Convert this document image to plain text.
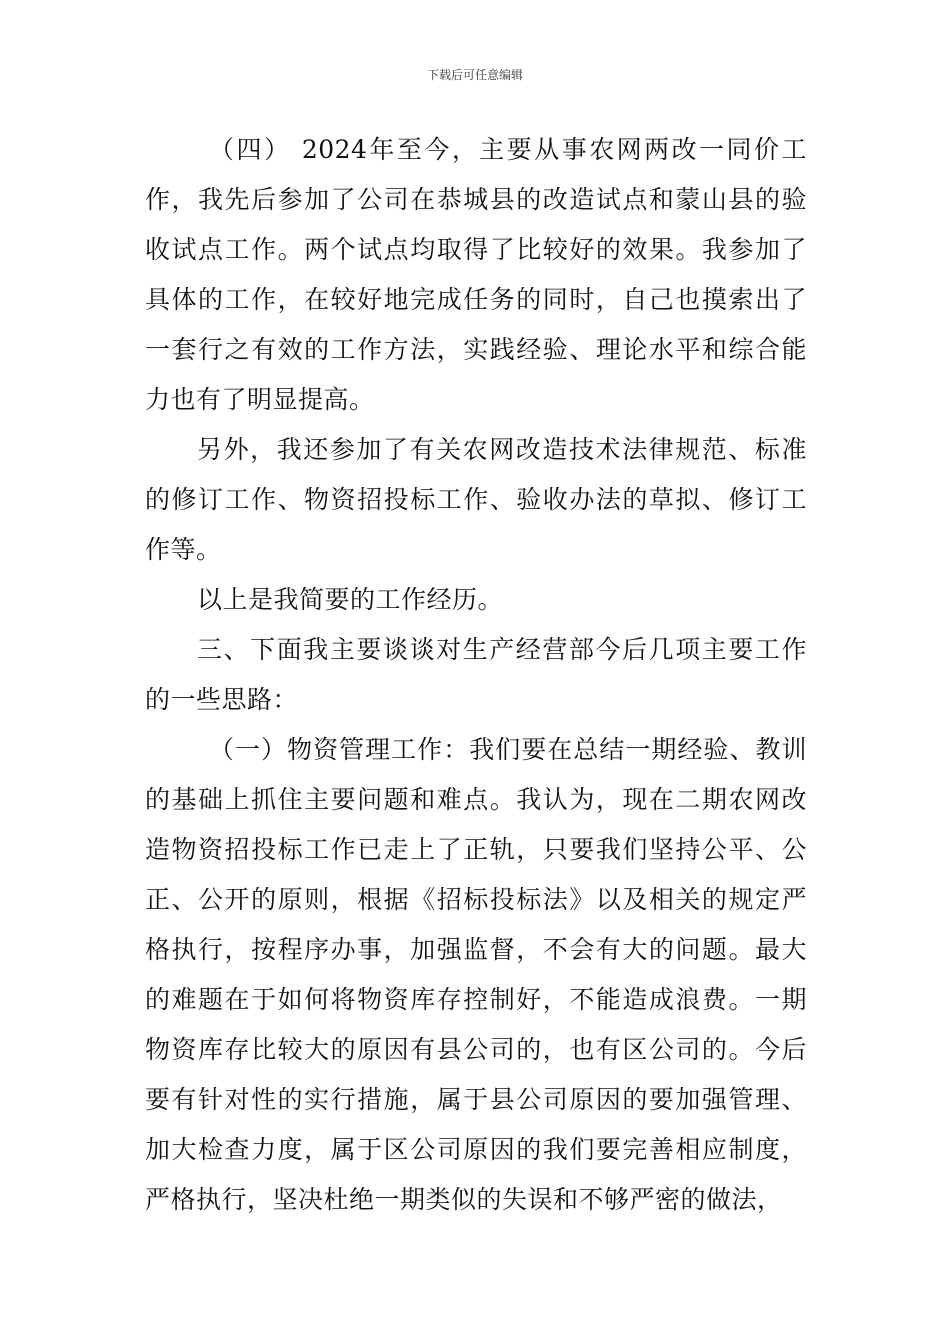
下载后可任意编辑

（四） 2024年至今，主要从事农网两改一同价工作，我先后参加了公司在恭城县的改造试点和蒙山县的验收试点工作。两个试点均取得了比较好的效果。我参加了具体的工作，在较好地完成任务的同时，自己也摸索出了一套行之有效的工作方法，实践经验、理论水平和综合能力也有了明显提高。

另外，我还参加了有关农网改造技术法律规范、标准的修订工作、物资招投标工作、验收办法的草拟、修订工作等。

以上是我简要的工作经历。

三、下面我主要谈谈对生产经营部今后几项主要工作的一些思路：

（一）物资管理工作：我们要在总结一期经验、教训的基础上抓住主要问题和难点。我认为，现在二期农网改造物资招投标工作已走上了正轨，只要我们坚持公平、公正、公开的原则，根据《招标投标法》以及相关的规定严格执行，按程序办事，加强监督，不会有大的问题。最大的难题在于如何将物资库存控制好，不能造成浪费。一期物资库存比较大的原因有县公司的，也有区公司的。今后要有针对性的实行措施，属于县公司原因的要加强管理、加大检查力度，属于区公司原因的我们要完善相应制度，严格执行，坚决杜绝一期类似的失误和不够严密的做法，
